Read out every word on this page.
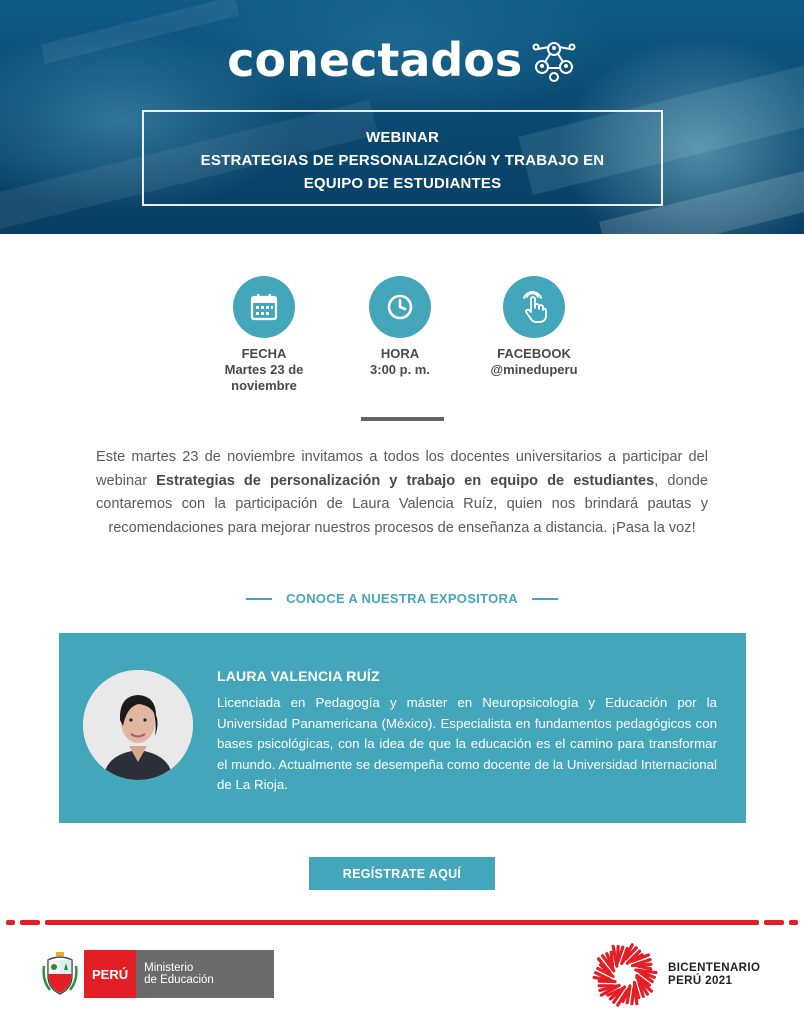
conectados
WEBINAR
ESTRATEGIAS DE PERSONALIZACIÓN Y TRABAJO EN EQUIPO DE ESTUDIANTES
FECHA
Martes 23 de noviembre
HORA
3:00 p. m.
FACEBOOK
@mineduperu

Este martes 23 de noviembre invitamos a todos los docentes universitarios a participar del webinar Estrategias de personalización y trabajo en equipo de estudiantes, donde contaremos con la participación de Laura Valencia Ruíz, quien nos brindará pautas y recomendaciones para mejorar nuestros procesos de enseñanza a distancia. ¡Pasa la voz!

CONOCE A NUESTRA EXPOSITORA
LAURA VALENCIA RUÍZ

Licenciada en Pedagogía y máster en Neuropsicología y Educación por la Universidad Panamericana (México). Especialista en fundamentos pedagógicos con bases psicológicas, con la idea de que la educación es el camino para transformar el mundo. Actualmente se desempeña como docente de la Universidad Internacional de La Rioja.

REGÍSTRATE AQUÍ
PERÚ	Ministerio
de Educación
BICENTENARIO
PERÚ 2021
